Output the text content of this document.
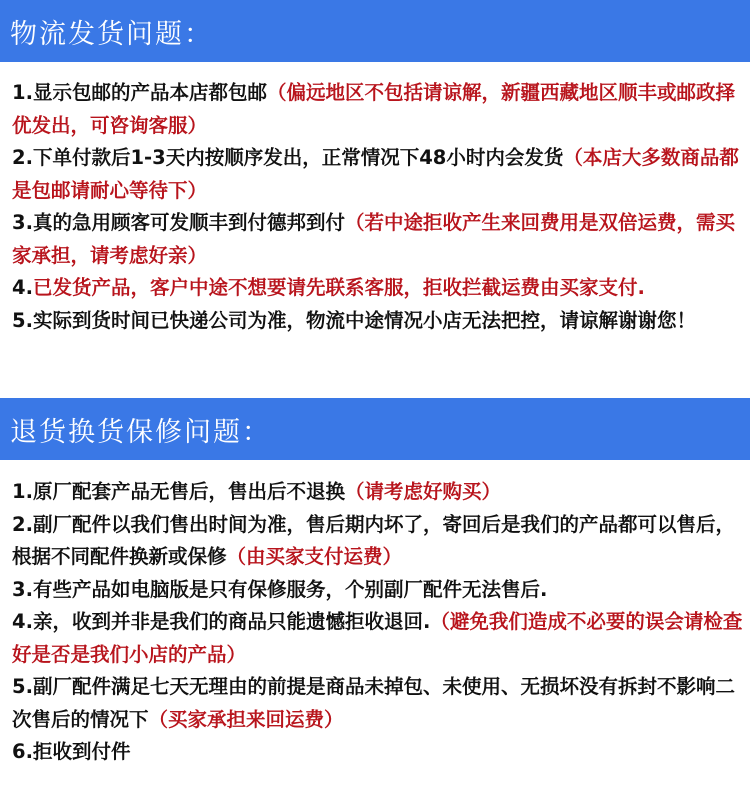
物流发货问题：

1.显示包邮的产品本店都包邮（偏远地区不包括请谅解，新疆西藏地区顺丰或邮政择优发出，可咨询客服）

2.下单付款后1-3天内按顺序发出，正常情况下48小时内会发货（本店大多数商品都是包邮请耐心等待下）

3.真的急用顾客可发顺丰到付德邦到付（若中途拒收产生来回费用是双倍运费，需买家承担，请考虑好亲）

4.已发货产品，客户中途不想要请先联系客服，拒收拦截运费由买家支付.

5.实际到货时间已快递公司为准，物流中途情况小店无法把控，请谅解谢谢您！

退货换货保修问题：

1.原厂配套产品无售后，售出后不退换（请考虑好购买）

2.副厂配件以我们售出时间为准，售后期内坏了，寄回后是我们的产品都可以售后，根据不同配件换新或保修（由买家支付运费）

3.有些产品如电脑版是只有保修服务，个别副厂配件无法售后.

4.亲，收到并非是我们的商品只能遗憾拒收退回.（避免我们造成不必要的误会请检查好是否是我们小店的产品）

5.副厂配件满足七天无理由的前提是商品未掉包、未使用、无损坏没有拆封不影响二次售后的情况下（买家承担来回运费）

6.拒收到付件
